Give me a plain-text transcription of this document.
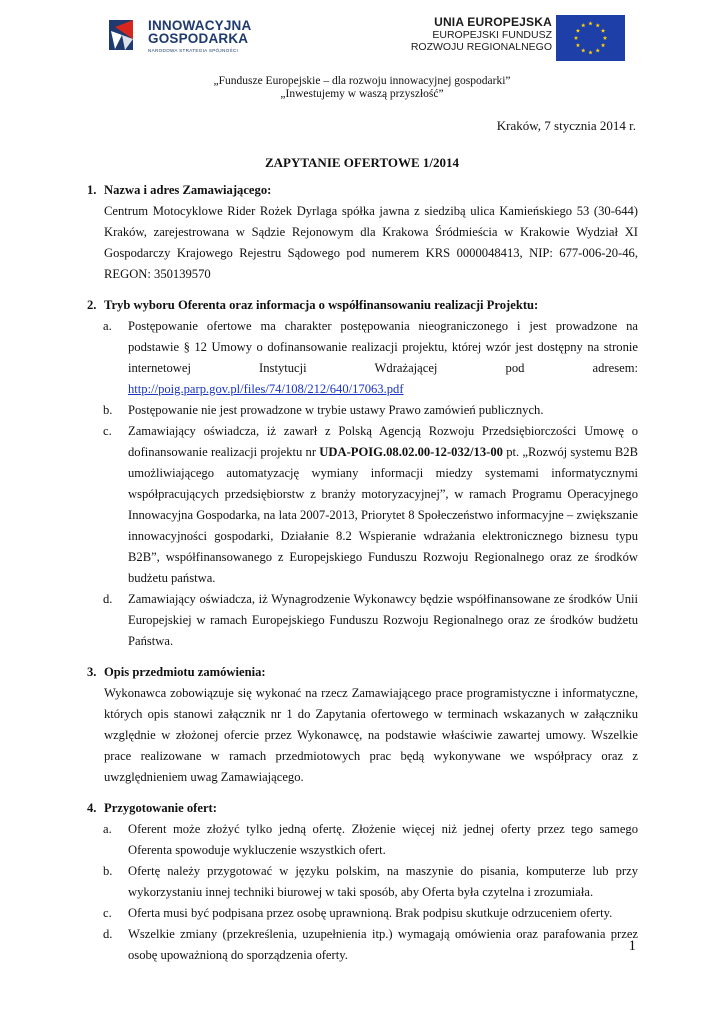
INNOWACYJNA
GOSPODARKA
NARODOWA STRATEGIA SPÓJNOŚCI
UNIA EUROPEJSKA
EUROPEJSKI FUNDUSZ
ROZWOJU REGIONALNEGO
„Fundusze Europejskie – dla rozwoju innowacyjnej gospodarki”
„Inwestujemy w waszą przyszłość”
Kraków, 7 stycznia 2014 r.
ZAPYTANIE OFERTOWE 1/2014
1. Nazwa i adres Zamawiającego:
Centrum Motocyklowe Rider Rożek Dyrlaga spółka jawna z siedzibą ulica Kamieńskiego 53 (30-644) Kraków, zarejestrowana w Sądzie Rejonowym dla Krakowa Śródmieścia w Krakowie Wydział XI Gospodarczy Krajowego Rejestru Sądowego pod numerem KRS 0000048413, NIP: 677-006-20-46, REGON: 350139570
2. Tryb wyboru Oferenta oraz informacja o współfinansowaniu realizacji Projektu:
a.	Postępowanie ofertowe ma charakter postępowania nieograniczonego i jest prowadzone na podstawie § 12 Umowy o dofinansowanie realizacji projektu, której wzór jest dostępny na stronie internetowej Instytucji Wdrażającej pod adresem: http://poig.parp.gov.pl/files/74/108/212/640/17063.pdf
b.	Postępowanie nie jest prowadzone w trybie ustawy Prawo zamówień publicznych.
c.	Zamawiający oświadcza, iż zawarł z Polską Agencją Rozwoju Przedsiębiorczości Umowę o dofinansowanie realizacji projektu nr UDA-POIG.08.02.00-12-032/13-00 pt. „Rozwój systemu B2B umożliwiającego automatyzację wymiany informacji miedzy systemami informatycznymi współpracujących przedsiębiorstw z branży motoryzacyjnej”, w ramach Programu Operacyjnego Innowacyjna Gospodarka, na lata 2007-2013, Priorytet 8 Społeczeństwo informacyjne – zwiększanie innowacyjności gospodarki, Działanie 8.2 Wspieranie wdrażania elektronicznego biznesu typu B2B”, współfinansowanego z Europejskiego Funduszu Rozwoju Regionalnego oraz ze środków budżetu państwa.
d.	Zamawiający oświadcza, iż Wynagrodzenie Wykonawcy będzie współfinansowane ze środków Unii Europejskiej w ramach Europejskiego Funduszu Rozwoju Regionalnego oraz ze środków budżetu Państwa.
3. Opis przedmiotu zamówienia:
Wykonawca zobowiązuje się wykonać na rzecz Zamawiającego prace programistyczne i informatyczne, których opis stanowi załącznik nr 1 do Zapytania ofertowego w terminach wskazanych w załączniku względnie w złożonej ofercie przez Wykonawcę, na podstawie właściwie zawartej umowy. Wszelkie prace realizowane w ramach przedmiotowych prac będą wykonywane we współpracy oraz z uwzględnieniem uwag Zamawiającego.
4. Przygotowanie ofert:
a.	Oferent może złożyć tylko jedną ofertę. Złożenie więcej niż jednej oferty przez tego samego Oferenta spowoduje wykluczenie wszystkich ofert.
b.	Ofertę należy przygotować w języku polskim, na maszynie do pisania, komputerze lub przy wykorzystaniu innej techniki biurowej w taki sposób, aby Oferta była czytelna i zrozumiała.
c.	Oferta musi być podpisana przez osobę uprawnioną. Brak podpisu skutkuje odrzuceniem oferty.
d.	Wszelkie zmiany (przekreślenia, uzupełnienia itp.) wymagają omówienia oraz parafowania przez osobę upoważnioną do sporządzenia oferty.
1
